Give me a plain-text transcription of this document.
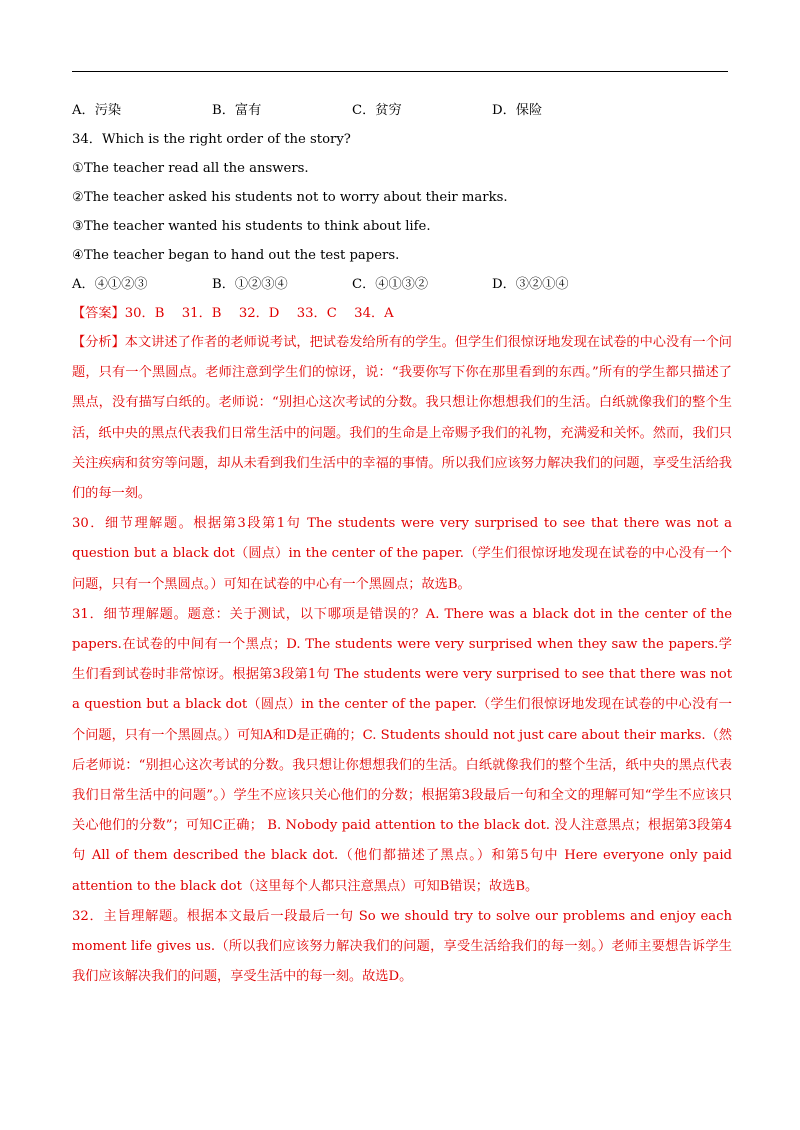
A．污染	B．富有	C．贫穷	D．保险
34．Which is the right order of the story?
①The teacher read all the answers.
②The teacher asked his students not to worry about their marks.
③The teacher wanted his students to think about life.
④The teacher began to hand out the test papers.
A．④①②③	B．①②③④	C．④①③②	D．③②①④
【答案】30．B　 31．B　 32．D　 33．C　 34．A
【分析】本文讲述了作者的老师说考试，把试卷发给所有的学生。但学生们很惊讶地发现在试卷的中心没有一个问题，只有一个黑圆点。老师注意到学生们的惊讶，说：“我要你写下你在那里看到的东西。”所有的学生都只描述了黑点，没有描写白纸的。老师说：“别担心这次考试的分数。我只想让你想想我们的生活。白纸就像我们的整个生活，纸中央的黑点代表我们日常生活中的问题。我们的生命是上帝赐予我们的礼物，充满爱和关怀。然而，我们只关注疾病和贫穷等问题，却从未看到我们生活中的幸福的事情。所以我们应该努力解决我们的问题，享受生活给我们的每一刻。
30．细节理解题。根据第3段第1句 The students were very surprised to see that there was not a question but a black dot（圆点）in the center of the paper.（学生们很惊讶地发现在试卷的中心没有一个问题，只有一个黑圆点。）可知在试卷的中心有一个黑圆点；故选B。
31．细节理解题。题意：关于测试，以下哪项是错误的？A. There was a black dot in the center of the papers.在试卷的中间有一个黑点；D. The students were very surprised when they saw the papers.学生们看到试卷时非常惊讶。根据第3段第1句 The students were very surprised to see that there was not a question but a black dot（圆点）in the center of the paper.（学生们很惊讶地发现在试卷的中心没有一个问题，只有一个黑圆点。）可知A和D是正确的；C. Students should not just care about their marks.（然后老师说：“别担心这次考试的分数。我只想让你想想我们的生活。白纸就像我们的整个生活，纸中央的黑点代表我们日常生活中的问题”。）学生不应该只关心他们的分数；根据第3段最后一句和全文的理解可知“学生不应该只关心他们的分数”；可知C正确； B. Nobody paid attention to the black dot. 没人注意黑点；根据第3段第4句 All of them described the black dot.（他们都描述了黑点。）和第5句中 Here everyone only paid attention to the black dot（这里每个人都只注意黑点）可知B错误；故选B。
32．主旨理解题。根据本文最后一段最后一句 So we should try to solve our problems and enjoy each moment life gives us.（所以我们应该努力解决我们的问题，享受生活给我们的每一刻。）老师主要想告诉学生我们应该解决我们的问题，享受生活中的每一刻。故选D。
